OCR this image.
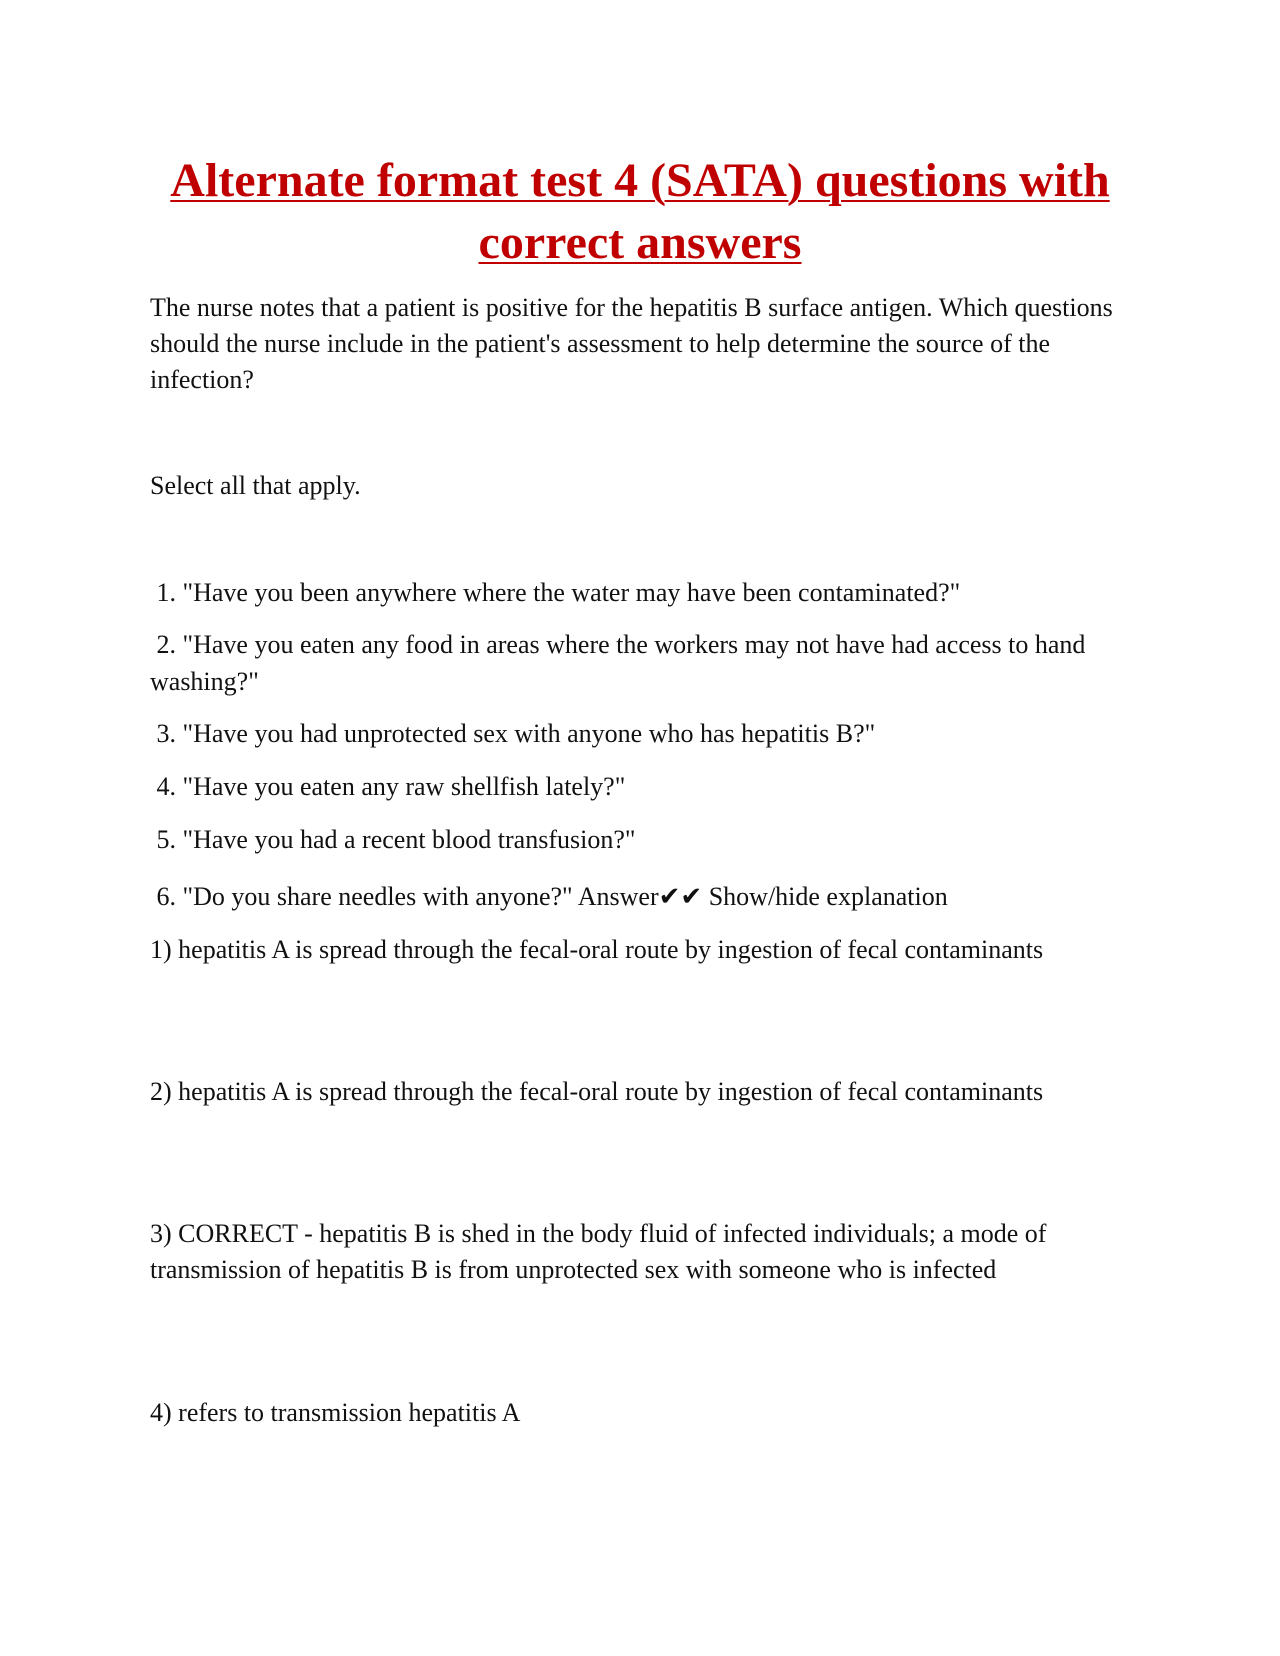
Alternate format test 4 (SATA) questions with correct answers

The nurse notes that a patient is positive for the hepatitis B surface antigen. Which questions should the nurse include in the patient's assessment to help determine the source of the infection?

Select all that apply.

1. "Have you been anywhere where the water may have been contaminated?"

2. "Have you eaten any food in areas where the workers may not have had access to hand washing?"

3. "Have you had unprotected sex with anyone who has hepatitis B?"

4. "Have you eaten any raw shellfish lately?"

5. "Have you had a recent blood transfusion?"

6. "Do you share needles with anyone?" Answer✔✔ Show/hide explanation

1) hepatitis A is spread through the fecal-oral route by ingestion of fecal contaminants

2) hepatitis A is spread through the fecal-oral route by ingestion of fecal contaminants

3) CORRECT - hepatitis B is shed in the body fluid of infected individuals; a mode of transmission of hepatitis B is from unprotected sex with someone who is infected

4) refers to transmission hepatitis A
